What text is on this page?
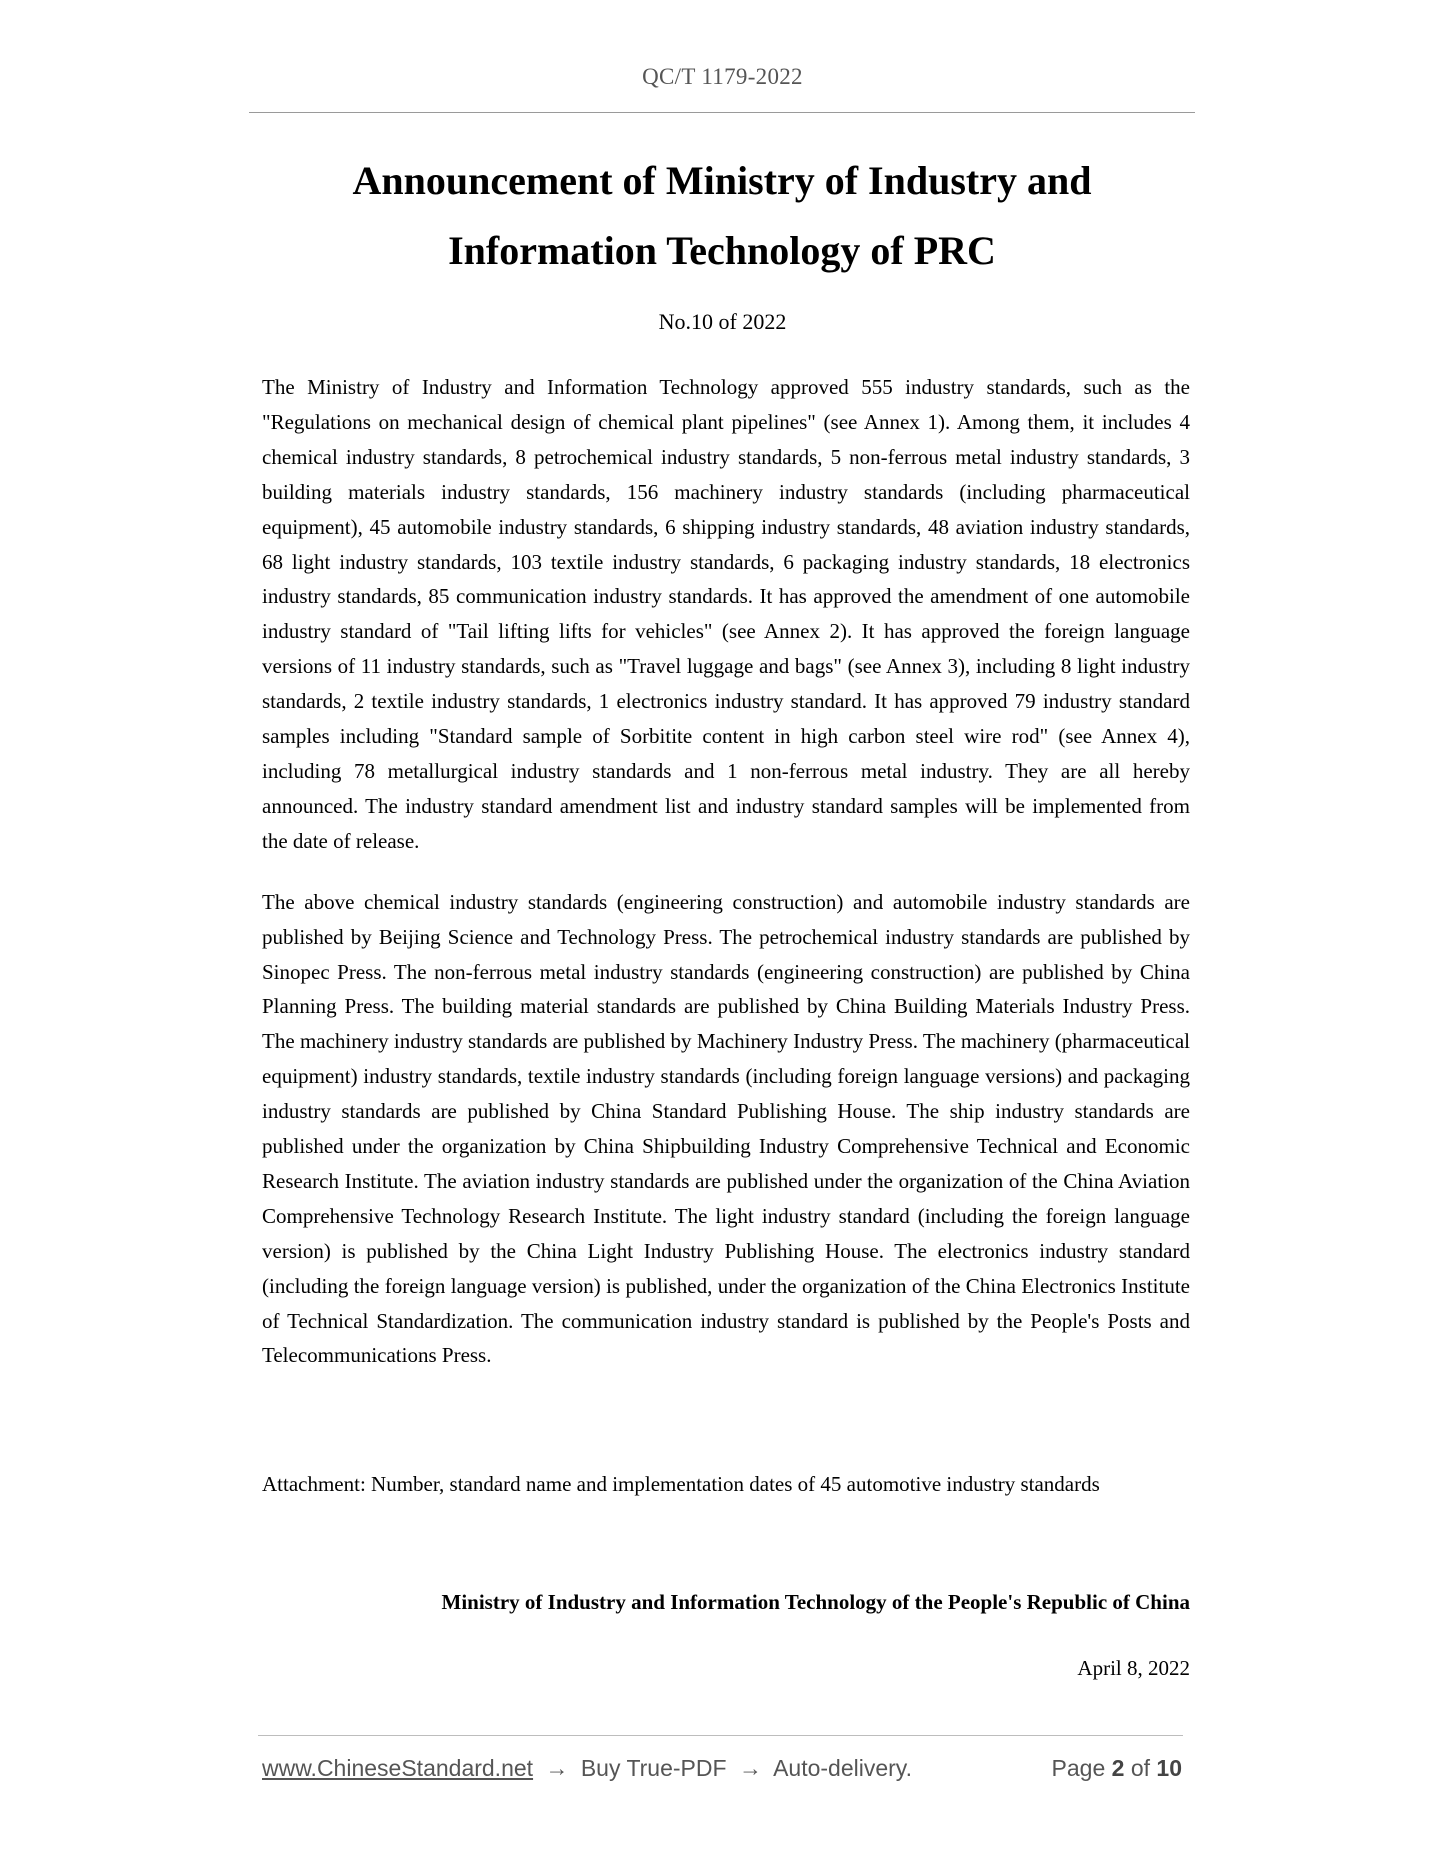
QC/T 1179-2022
Announcement of Ministry of Industry and
Information Technology of PRC
No.10 of 2022

The Ministry of Industry and Information Technology approved 555 industry standards, such as the "Regulations on mechanical design of chemical plant pipelines" (see Annex 1). Among them, it includes 4 chemical industry standards, 8 petrochemical industry standards, 5 non-ferrous metal industry standards, 3 building materials industry standards, 156 machinery industry standards (including pharmaceutical equipment), 45 automobile industry standards, 6 shipping industry standards, 48 aviation industry standards, 68 light industry standards, 103 textile industry standards, 6 packaging industry standards, 18 electronics industry standards, 85 communication industry standards. It has approved the amendment of one automobile industry standard of "Tail lifting lifts for vehicles" (see Annex 2). It has approved the foreign language versions of 11 industry standards, such as "Travel luggage and bags" (see Annex 3), including 8 light industry standards, 2 textile industry standards, 1 electronics industry standard. It has approved 79 industry standard samples including "Standard sample of Sorbitite content in high carbon steel wire rod" (see Annex 4), including 78 metallurgical industry standards and 1 non-ferrous metal industry. They are all hereby announced. The industry standard amendment list and industry standard samples will be implemented from the date of release.

The above chemical industry standards (engineering construction) and automobile industry standards are published by Beijing Science and Technology Press. The petrochemical industry standards are published by Sinopec Press. The non-ferrous metal industry standards (engineering construction) are published by China Planning Press. The building material standards are published by China Building Materials Industry Press. The machinery industry standards are published by Machinery Industry Press. The machinery (pharmaceutical equipment) industry standards, textile industry standards (including foreign language versions) and packaging industry standards are published by China Standard Publishing House. The ship industry standards are published under the organization by China Shipbuilding Industry Comprehensive Technical and Economic Research Institute. The aviation industry standards are published under the organization of the China Aviation Comprehensive Technology Research Institute. The light industry standard (including the foreign language version) is published by the China Light Industry Publishing House. The electronics industry standard (including the foreign language version) is published, under the organization of the China Electronics Institute of Technical Standardization. The communication industry standard is published by the People's Posts and Telecommunications Press.

Attachment: Number, standard name and implementation dates of 45 automotive industry standards
Ministry of Industry and Information Technology of the People's Republic of China
April 8, 2022
www.ChineseStandard.net → Buy True-PDF → Auto-delivery.	Page 2 of 10
